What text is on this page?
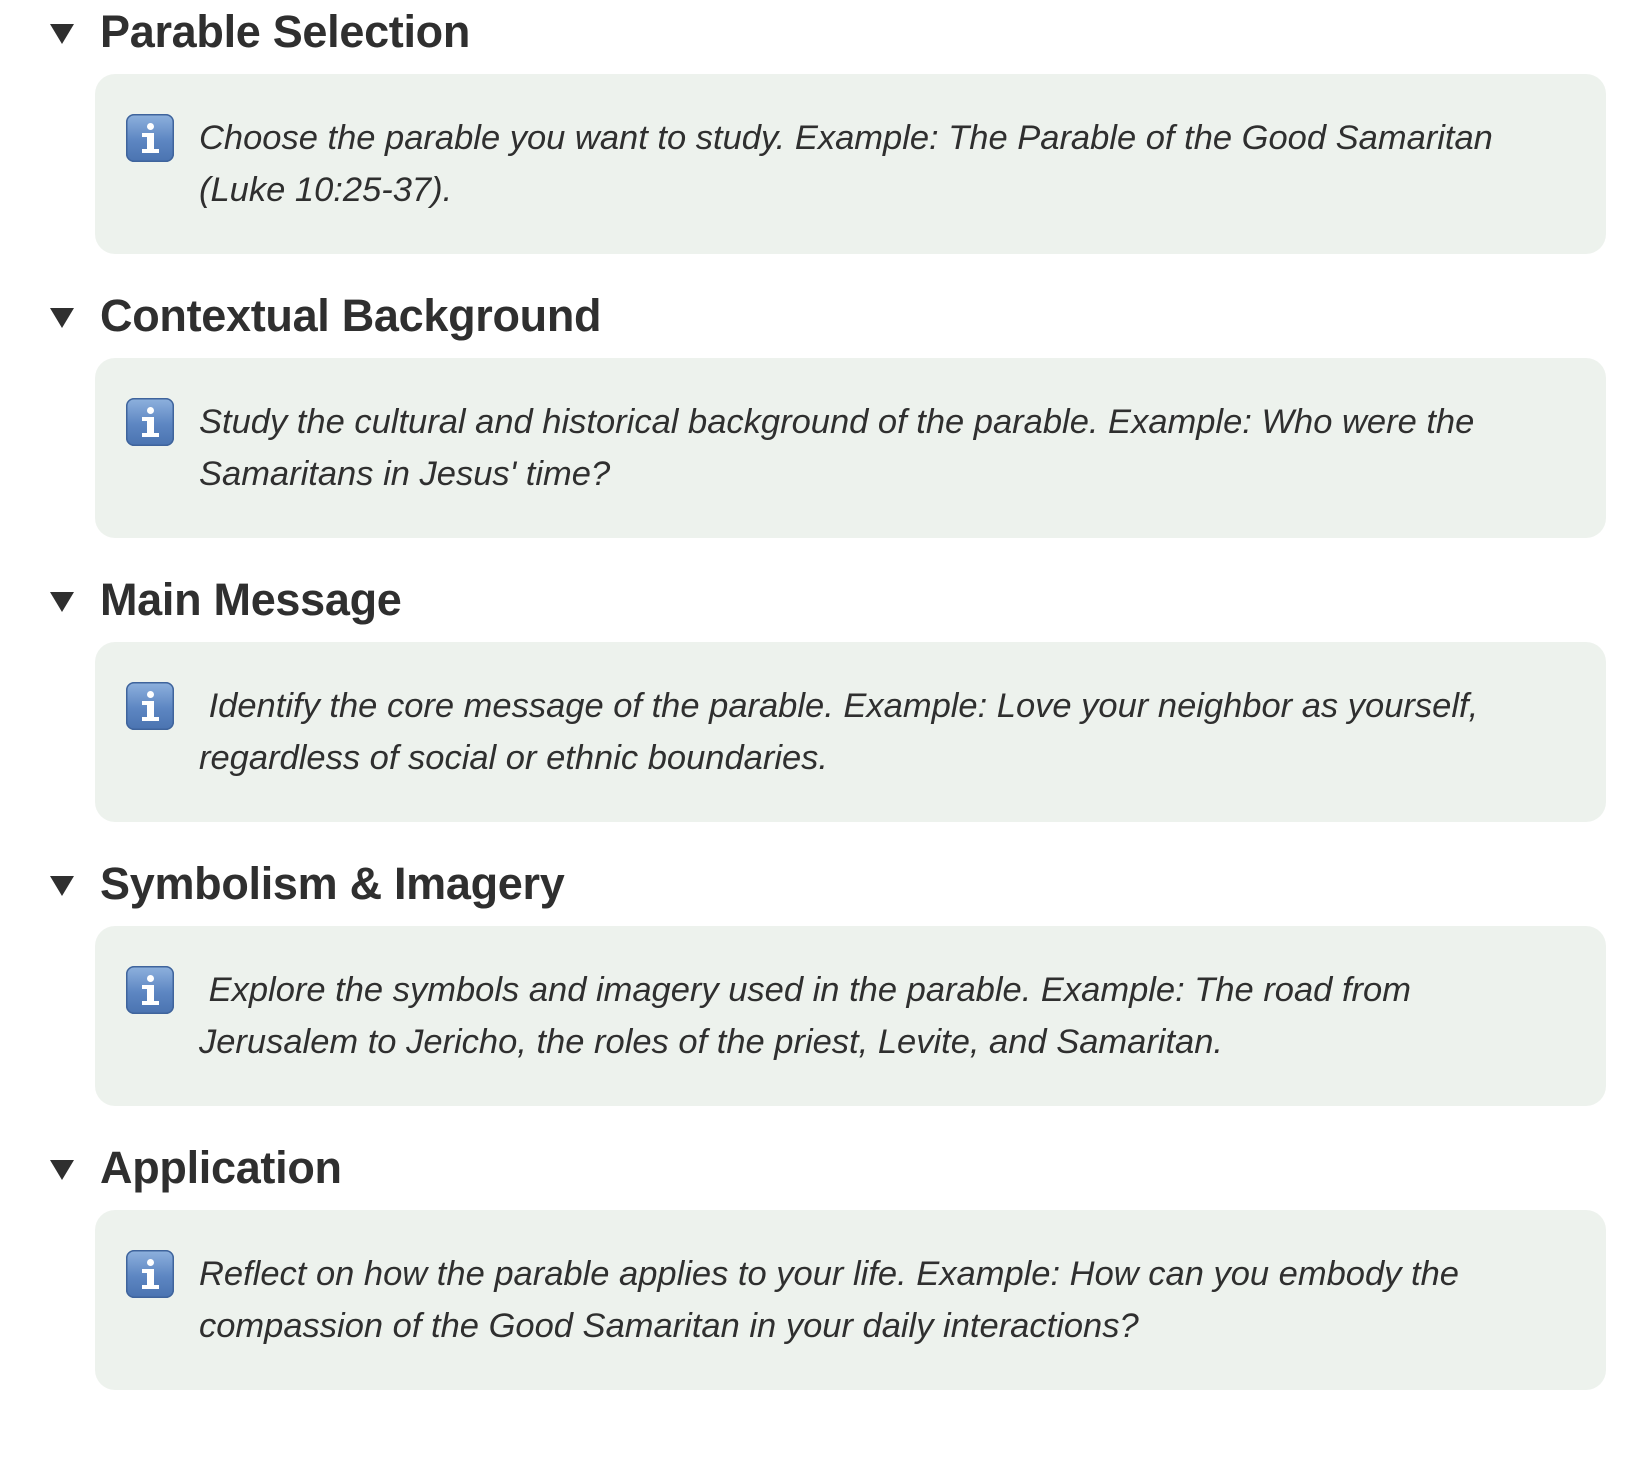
Parable Selection

Choose the parable you want to study. Example: The Parable of the Good Samaritan (Luke 10:25-37).

Contextual Background

Study the cultural and historical background of the parable. Example: Who were the Samaritans in Jesus' time?

Main Message

Identify the core message of the parable. Example: Love your neighbor as yourself, regardless of social or ethnic boundaries.

Symbolism & Imagery

Explore the symbols and imagery used in the parable. Example: The road from Jerusalem to Jericho, the roles of the priest, Levite, and Samaritan.

Application

Reflect on how the parable applies to your life. Example: How can you embody the compassion of the Good Samaritan in your daily interactions?
